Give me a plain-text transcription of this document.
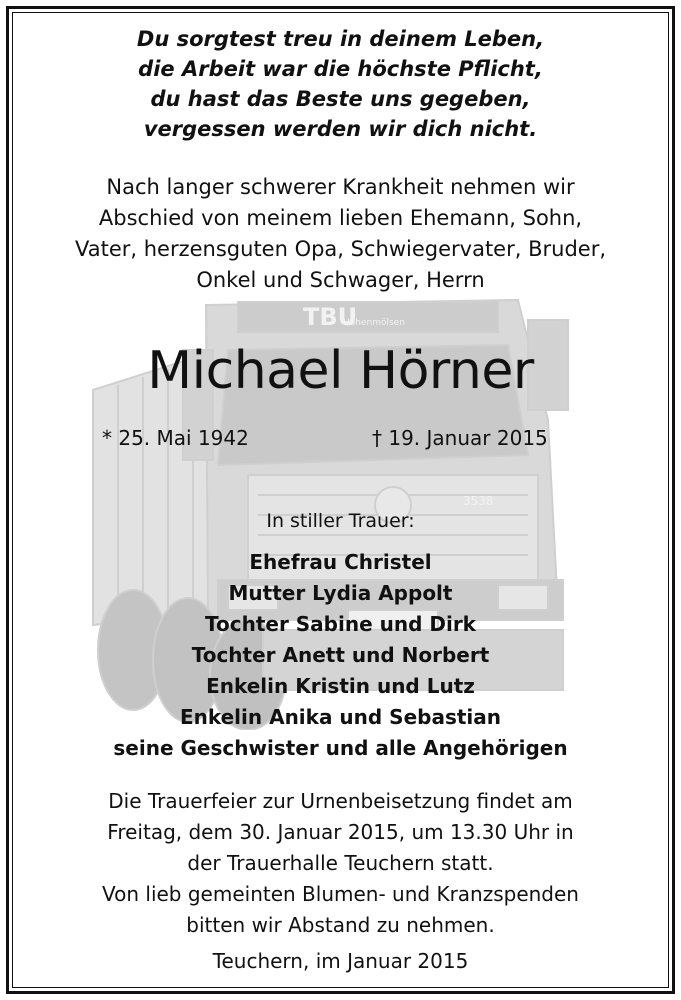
TBU
Hohenmölsen
3538
Du sorgtest treu in deinem Leben,
die Arbeit war die höchste Pflicht,
du hast das Beste uns gegeben,
vergessen werden wir dich nicht.
Nach langer schwerer Krankheit nehmen wir
Abschied von meinem lieben Ehemann, Sohn,
Vater, herzensguten Opa, Schwiegervater, Bruder,
Onkel und Schwager, Herrn
Michael Hörner
* 25. Mai 1942	† 19. Januar 2015
In stiller Trauer:
Ehefrau Christel
Mutter Lydia Appolt
Tochter Sabine und Dirk
Tochter Anett und Norbert
Enkelin Kristin und Lutz
Enkelin Anika und Sebastian
seine Geschwister und alle Angehörigen
Die Trauerfeier zur Urnenbeisetzung findet am
Freitag, dem 30. Januar 2015, um 13.30 Uhr in
der Trauerhalle Teuchern statt.
Von lieb gemeinten Blumen- und Kranzspenden
bitten wir Abstand zu nehmen.
Teuchern, im Januar 2015
